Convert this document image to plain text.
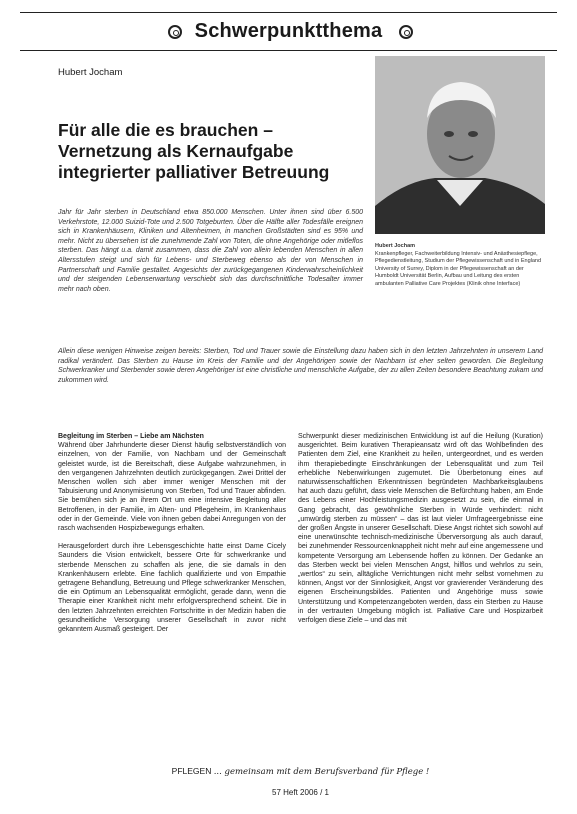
Schwerpunktthema
Hubert Jocham
Für alle die es brauchen –
Vernetzung als Kernaufgabe
integrierter palliativer Betreuung
Jahr für Jahr sterben in Deutschland etwa 850.000 Menschen. Unter ihnen sind über 6.500 Verkehrstote, 12.000 Suizid-Tote und 2.500 Totgeburten. Über die Hälfte aller Todesfälle ereignen sich in Krankenhäusern, Kliniken und Altenheimen, in manchen Großstädten sind es 95% und mehr. Nicht zu übersehen ist die zunehmende Zahl von Toten, die ohne Angehörige oder mitleflos sterben. Das hängt u.a. damit zusammen, dass die Zahl von allein lebenden Menschen in allen Altersstufen steigt und sich für Lebens- und Sterbeweg ebenso als der von Menschen in Partnerschaft und Familie gestaltet. Angesichts der zurückgegangenen Kinderwahrscheinlichkeit und der steigenden Lebenserwartung verschiebt sich das durchschnittliche Todesalter immer mehr nach oben.
Hubert Jocham
Krankenpfleger, Fachweiterbildung Intensiv- und Anästhesiepflege, Pflegedienstleitung, Studium der Pflegewissenschaft und in England University of Surrey, Diplom in der Pflegewissenschaft an der Humboldt Universität Berlin, Aufbau und Leitung des ersten ambulanten Palliative Care Projektes (Klinik ohne Interface)
Allein diese wenigen Hinweise zeigen bereits: Sterben, Tod und Trauer sowie die Einstellung dazu haben sich in den letzten Jahrzehnten in unserem Land radikal verändert. Das Sterben zu Hause im Kreis der Familie und der Angehörigen sowie der Nachbarn ist eher selten geworden. Die Begleitung Schwerkranker und Sterbender sowie deren Angehöriger ist eine christliche und menschliche Aufgabe, der zu allen Zeiten besondere Beachtung zukam und zukommen wird.

Begleitung im Sterben – Liebe am Nächsten
Während über Jahrhunderte dieser Dienst häufig selbstverständlich von einzelnen, von der Familie, von Nachbarn und der Gemeinschaft geleistet wurde, ist die Bereitschaft, diese Aufgabe wahrzunehmen, in den vergangenen Jahrzehnten deutlich zurückgegangen. Zwei Drittel der Menschen wollen sich aber immer weniger Menschen mit der Tabuisierung und Anonymisierung von Sterben, Tod und Trauer abfinden. Sie bemühen sich je an ihrem Ort um eine intensive Begleitung aller Betroffenen, in der Familie, im Alten- und Pflegeheim, im Krankenhaus oder in der Gemeinde. Viele von ihnen geben dabei Anregungen von der rasch wachsenden Hospizbewegungs erhalten.

Herausgefordert durch ihre Lebensgeschichte hatte einst Dame Cicely Saunders die Vision entwickelt, bessere Orte für schwerkranke und sterbende Menschen zu schaffen als jene, die sie damals in den Krankenhäusern erlebte. Eine fachlich qualifizierte und von Empathie getragene Behandlung, Betreuung und Pflege schwerkranker Menschen, die ein Optimum an Lebensqualität ermöglicht, gerade dann, wenn die Therapie einer Krankheit nicht mehr erfolgversprechend scheint. Die in den letzten Jahrzehnten erreichten Fortschritte in der Medizin haben die gesundheitliche Versorgung unserer Gesellschaft in zuvor nicht gekanntem Ausmaß gesteigert. Der

Schwerpunkt dieser medizinischen Entwicklung ist auf die Heilung (Kuration) ausgerichtet. Beim kurativen Therapieansatz wird oft das Wohlbefinden des Patienten dem Ziel, eine Krankheit zu heilen, untergeordnet, und es werden ihm therapiebedingte Einschränkungen der Lebensqualität und zum Teil erhebliche Nebenwirkungen zugemutet. Die Überbetonung eines auf naturwissenschaftlichen Erkenntnissen begründeten Machbarkeitsglaubens hat auch dazu geführt, dass viele Menschen die Befürchtung haben, am Ende des Lebens einer Hochleistungsmedizin ausgesetzt zu sein, die einmal in Gang gebracht, das gewöhnliche Sterben in Würde verhindert: nicht „umwürdig sterben zu müssen“ – das ist laut vieler Umfrageergebnisse eine der großen Ängste in unserer Gesellschaft. Diese Angst richtet sich sowohl auf eine unerwünschte technisch-medizinische Überversorgung als auch darauf, bei zunehmender Ressourcenknappheit nicht mehr auf eine angemessene und kompetente Versorgung am Lebensende hoffen zu können. Der Gedanke an das Sterben weckt bei vielen Menschen Angst, hilflos und wehrlos zu sein, „wertlos“ zu sein, alltägliche Verrichtungen nicht mehr selbst vornehmen zu können, Angst vor der Sinnlosigkeit, Angst vor gravierender Veränderung des eigenen Erscheinungsbildes. Patienten und Angehörige muss sowie Unterstützung und Kompetenzangeboten werden, dass ein Sterben zu Hause in der vertrauten Umgebung möglich ist. Palliative Care und Hospizarbeit verfolgen diese Ziele – und das mit

PFLEGEN ... gemeinsam mit dem Berufsverband für Pflege !
57 Heft 2006 / 1
